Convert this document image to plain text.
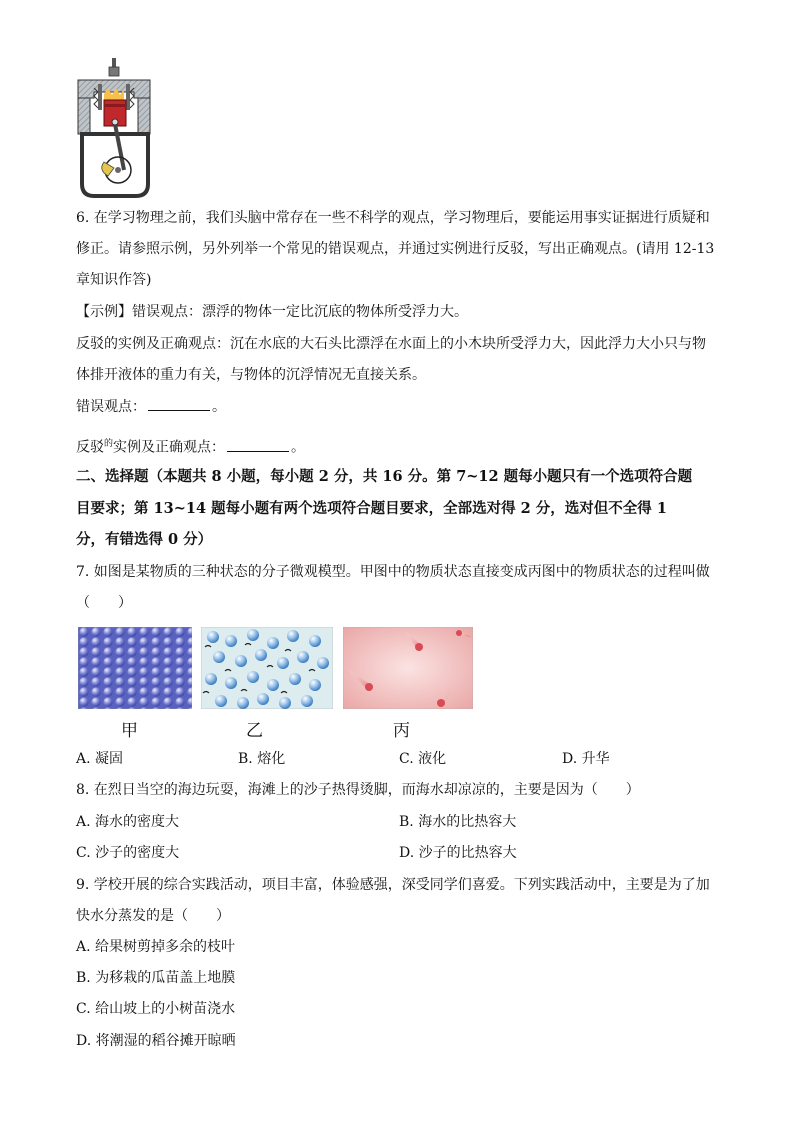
6. 在学习物理之前，我们头脑中常存在一些不科学的观点，学习物理后，要能运用事实证据进行质疑和
修正。请参照示例，另外列举一个常见的错误观点，并通过实例进行反驳，写出正确观点。(请用 12-13
章知识作答)
【示例】错误观点：漂浮的物体一定比沉底的物体所受浮力大。
反驳的实例及正确观点：沉在水底的大石头比漂浮在水面上的小木块所受浮力大，因此浮力大小只与物
体排开液体的重力有关，与物体的沉浮情况无直接关系。
错误观点：	。
反驳$^的$实例及正确观点：	。
二、选择题（本题共 8 小题，每小题 2 分，共 16 分。第 7~12 题每小题只有一个选项符合题
目要求；第 13~14 题每小题有两个选项符合题目要求，全部选对得 2 分，选对但不全得 1
分，有错选得 0 分）
7. 如图是某物质的三种状态的分子微观模型。甲图中的物质状态直接变成丙图中的物质状态的过程叫做
（　　）
甲	乙	丙
A. 凝固	B. 熔化	C. 液化	D. 升华
8. 在烈日当空的海边玩耍，海滩上的沙子热得烫脚，而海水却凉凉的，主要是因为（　　）
A. 海水的密度大	B. 海水的比热容大
C. 沙子的密度大	D. 沙子的比热容大
9. 学校开展的综合实践活动，项目丰富，体验感强，深受同学们喜爱。下列实践活动中，主要是为了加
快水分蒸发的是（　　）
A. 给果树剪掉多余的枝叶
B. 为移栽的瓜苗盖上地膜
C. 给山坡上的小树苗浇水
D. 将潮湿的稻谷摊开晾晒
